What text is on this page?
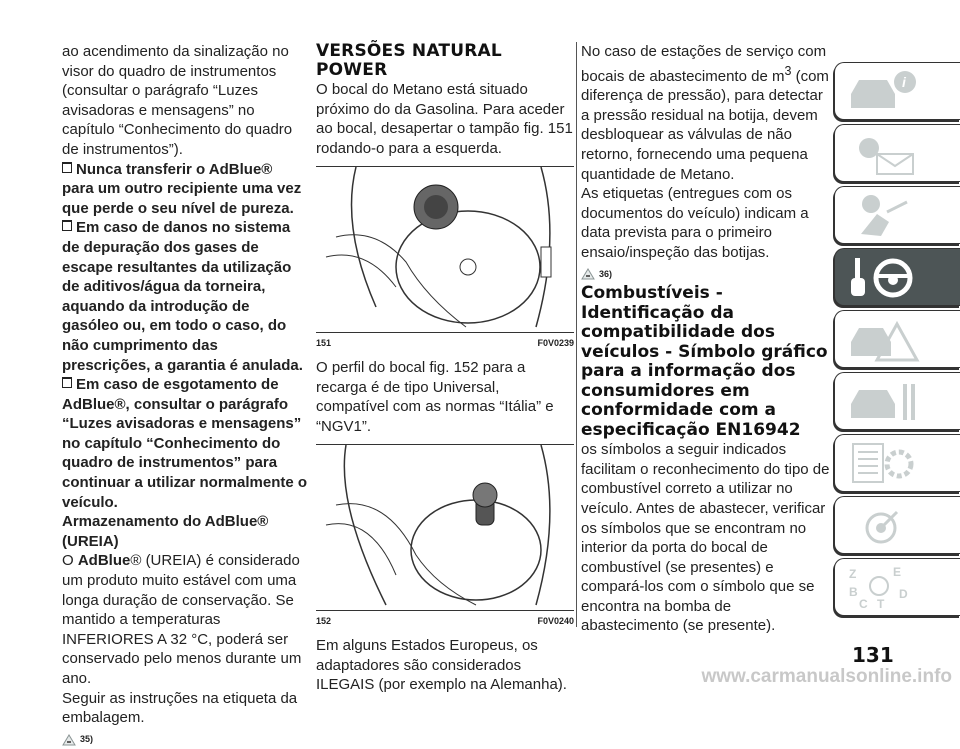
ao acendimento da sinalização no visor do quadro de instrumentos (consultar o parágrafo “Luzes avisadoras e mensagens” no capítulo “Conhecimento do quadro de instrumentos”).

Nunca transferir o AdBlue® para um outro recipiente uma vez que perde o seu nível de pureza.

Em caso de danos no sistema de depuração dos gases de escape resultantes da utilização de aditivos/água da torneira, aquando da introdução de gasóleo ou, em todo o caso, do não cumprimento das prescrições, a garantia é anulada.

Em caso de esgotamento de AdBlue®, consultar o parágrafo “Luzes avisadoras e mensagens” no capítulo “Conhecimento do quadro de instrumentos” para continuar a utilizar normalmente o veículo.

Armazenamento do AdBlue® (UREIA)

O AdBlue® (UREIA) é considerado um produto muito estável com uma longa duração de conservação. Se mantido a temperaturas INFERIORES A 32 °C, poderá ser conservado pelo menos durante um ano.

Seguir as instruções na etiqueta da embalagem.

35)

VERSÕES NATURAL POWER

O bocal do Metano está situado próximo do da Gasolina. Para aceder ao bocal, desapertar o tampão fig. 151 rodando-o para a esquerda.

151	F0V0239

O perfil do bocal fig. 152 para a recarga é de tipo Universal, compatível com as normas “Itália” e “NGV1”.

152	F0V0240

Em alguns Estados Europeus, os adaptadores são considerados ILEGAIS (por exemplo na Alemanha).

No caso de estações de serviço com bocais de abastecimento de $m^3$ (com diferença de pressão), para detectar a pressão residual na botija, devem desbloquear as válvulas de não retorno, fornecendo uma pequena quantidade de Metano.

As etiquetas (entregues com os documentos do veículo) indicam a data prevista para o primeiro ensaio/inspeção das botijas.

36)

Combustíveis - Identificação da compatibilidade dos veículos - Símbolo gráfico para a informação dos consumidores em conformidade com a especificação EN16942

os símbolos a seguir indicados facilitam o reconhecimento do tipo de combustível correto a utilizar no veículo. Antes de abastecer, verificar os símbolos que se encontram no interior da porta do bocal de combustível (se presentes) e compará-los com o símbolo que se encontra na bomba de abastecimento (se presente).

i
Z	E
B
C T
D
131
www.carmanualsonline.info
